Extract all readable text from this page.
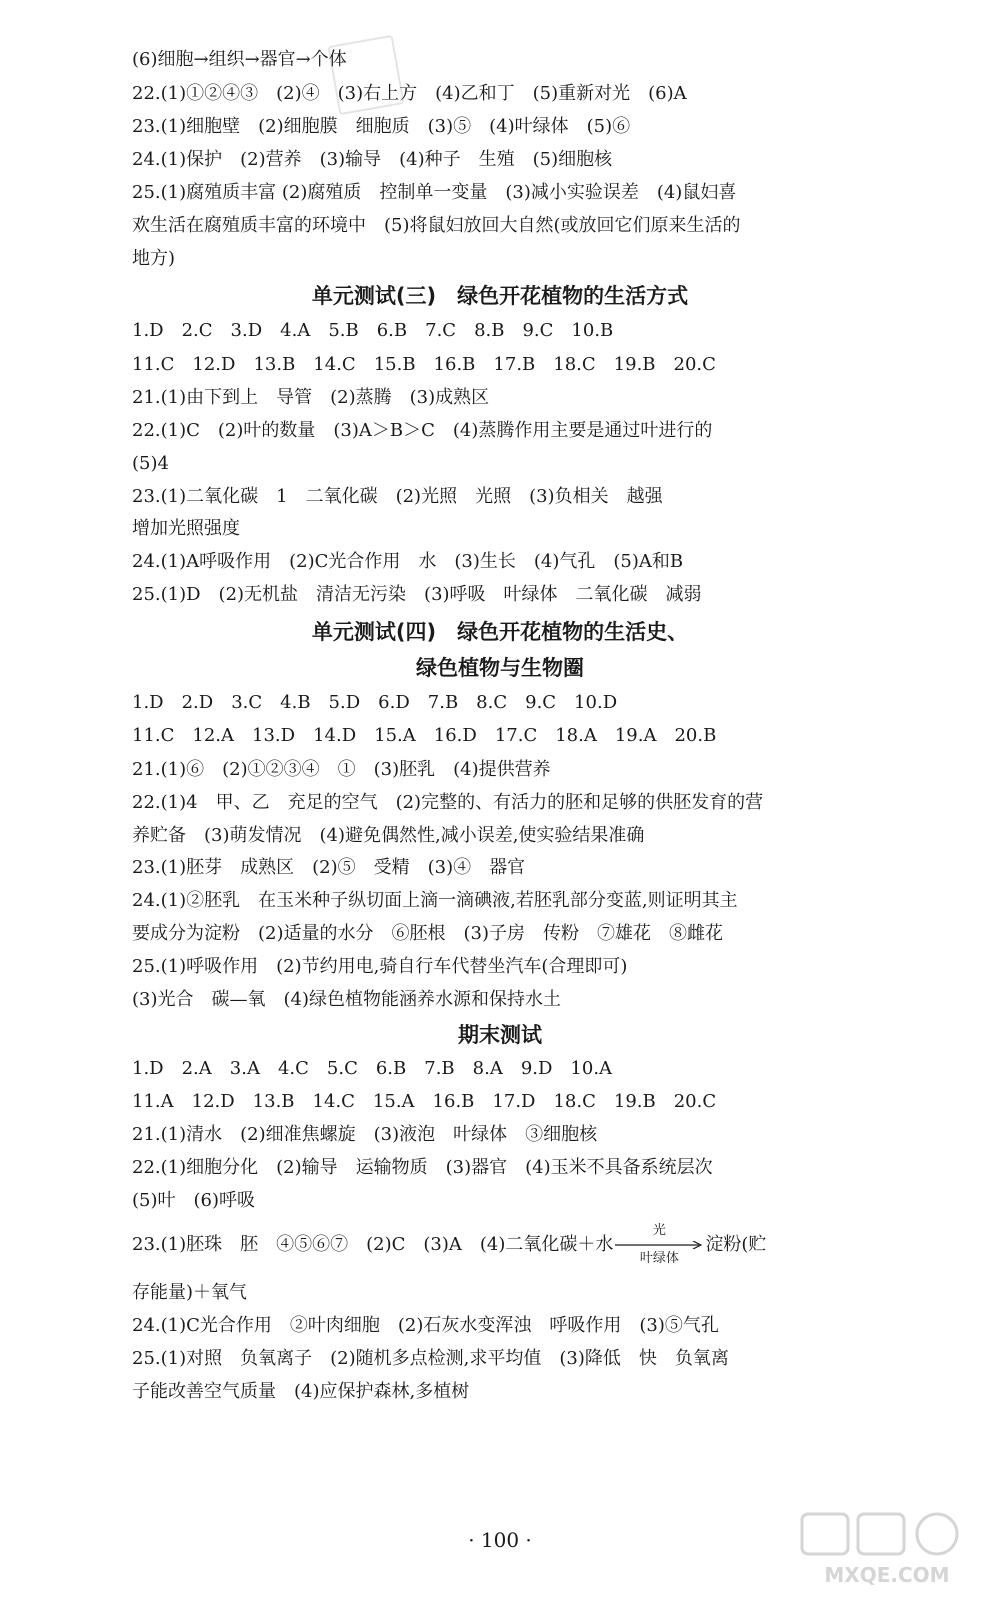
(6)细胞→组织→器官→个体
22.(1)①②④③　(2)④　(3)右上方　(4)乙和丁　(5)重新对光　(6)A
23.(1)细胞壁　(2)细胞膜　细胞质　(3)⑤　(4)叶绿体　(5)⑥
24.(1)保护　(2)营养　(3)输导　(4)种子　生殖　(5)细胞核
25.(1)腐殖质丰富 (2)腐殖质　控制单一变量　(3)减小实验误差　(4)鼠妇喜
欢生活在腐殖质丰富的环境中　(5)将鼠妇放回大自然(或放回它们原来生活的
地方)
单元测试(三)　绿色开花植物的生活方式
1.D　2.C　3.D　4.A　5.B　6.B　7.C　8.B　9.C　10.B
11.C　12.D　13.B　14.C　15.B　16.B　17.B　18.C　19.B　20.C
21.(1)由下到上　导管　(2)蒸腾　(3)成熟区
22.(1)C　(2)叶的数量　(3)A＞B＞C　(4)蒸腾作用主要是通过叶进行的
(5)4
23.(1)二氧化碳　1　二氧化碳　(2)光照　光照　(3)负相关　越强
增加光照强度
24.(1)A呼吸作用　(2)C光合作用　水　(3)生长　(4)气孔　(5)A和B
25.(1)D　(2)无机盐　清洁无污染　(3)呼吸　叶绿体　二氧化碳　减弱
单元测试(四)　绿色开花植物的生活史、
绿色植物与生物圈
1.D　2.D　3.C　4.B　5.D　6.D　7.B　8.C　9.C　10.D
11.C　12.A　13.D　14.D　15.A　16.D　17.C　18.A　19.A　20.B
21.(1)⑥　(2)①②③④　①　(3)胚乳　(4)提供营养
22.(1)4　甲、乙　充足的空气　(2)完整的、有活力的胚和足够的供胚发育的营
养贮备　(3)萌发情况　(4)避免偶然性,减小误差,使实验结果准确
23.(1)胚芽　成熟区　(2)⑤　受精　(3)④　器官
24.(1)②胚乳　在玉米种子纵切面上滴一滴碘液,若胚乳部分变蓝,则证明其主
要成分为淀粉　(2)适量的水分　⑥胚根　(3)子房　传粉　⑦雄花　⑧雌花
25.(1)呼吸作用　(2)节约用电,骑自行车代替坐汽车(合理即可)
(3)光合　碳—氧　(4)绿色植物能涵养水源和保持水土
期末测试
1.D　2.A　3.A　4.C　5.C　6.B　7.B　8.A　9.D　10.A
11.A　12.D　13.B　14.C　15.A　16.B　17.D　18.C　19.B　20.C
21.(1)清水　(2)细准焦螺旋　(3)液泡　叶绿体　③细胞核
22.(1)细胞分化　(2)输导　运输物质　(3)器官　(4)玉米不具备系统层次
(5)叶　(6)呼吸
23.(1)胚珠　胚　④⑤⑥⑦　(2)C　(3)A　(4)二氧化碳＋水
光
叶绿体
淀粉(贮
存能量)＋氧气
24.(1)C光合作用　②叶肉细胞　(2)石灰水变浑浊　呼吸作用　(3)⑤气孔
25.(1)对照　负氧离子　(2)随机多点检测,求平均值　(3)降低　快　负氧离
子能改善空气质量　(4)应保护森林,多植树
· 100 ·
MXQE.COM
